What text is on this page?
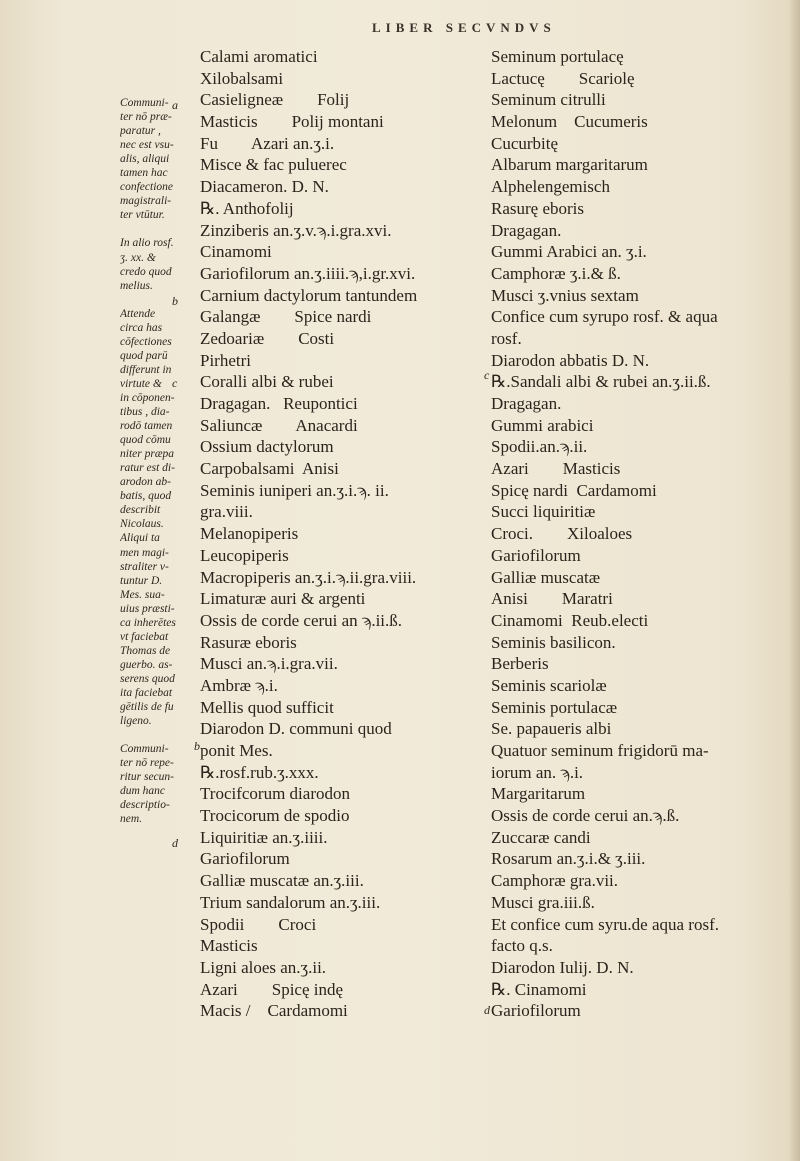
LIBER SECVNDVS
Calami aromatici
Xilobalsami
Casieligneæ        Folij
Masticis        Polij montani
Fu        Azari an.ʒ.i.
Misce & fac puluerec
Diacameron. D. N.
℞. Anthofolij
Zinziberis an.ʒ.v.ϡ.i.gra.xvi.
Cinamomi
Gariofilorum an.ʒ.iiii.ϡ,i.gr.xvi.
Carnium dactylorum tantundem
Galangæ        Spice nardi
Zedoariæ        Costi
Pirhetri
Coralli albi & rubei
Dragagan.   Reupontici
Saliuncæ        Anacardi
Ossium dactylorum
Carpobalsami  Anisi
Seminis iuniperi an.ʒ.i.ϡ. ii.
gra.viii.
Melanopiperis
Leucopiperis
Macropiperis an.ʒ.i.ϡ.ii.gra.viii.
Limaturæ auri & argenti
Ossis de corde cerui an ϡ.ii.ß.
Rasuræ eboris
Musci an.ϡ.i.gra.vii.
Ambræ ϡ.i.
Mellis quod sufficit
Diarodon D. communi quod
ponit Mes.
℞.rosf.rub.ʒ.xxx.
Trocifcorum diarodon
Trocicorum de spodio
Liquiritiæ an.ʒ.iiii.
Gariofilorum
Galliæ muscatæ an.ʒ.iii.
Trium sandalorum an.ʒ.iii.
Spodii        Croci
Masticis
Ligni aloes an.ʒ.ii.
Azari        Spicę indę
Macis /    Cardamomi
Seminum portulacę
Lactucę        Scariolę
Seminum citrulli
Melonum    Cucumeris
Cucurbitę
Albarum margaritarum
Alphelengemisch
Rasurę eboris
Dragagan.
Gummi Arabici an. ʒ.i.
Camphoræ ʒ.i.& ß.
Musci ʒ.vnius sextam
Confice cum syrupo rosf. & aqua
rosf.
Diarodon abbatis D. N.
℞.Sandali albi & rubei an.ʒ.ii.ß.
Dragagan.
Gummi arabici
Spodii.an.ϡ.ii.
Azari        Masticis
Spicę nardi  Cardamomi
Succi liquiritiæ
Croci.        Xiloaloes
Gariofilorum
Galliæ muscatæ
Anisi        Maratri
Cinamomi  Reub.electi
Seminis basilicon.
Berberis
Seminis scariolæ
Seminis portulacæ
Se. papaueris albi
Quatuor seminum frigidorū ma-
iorum an. ϡ.i.
Margaritarum
Ossis de corde cerui an.ϡ.ß.
Zuccaræ candi
Rosarum an.ʒ.i.& ʒ.iii.
Camphoræ gra.vii.
Musci gra.iii.ß.
Et confice cum syru.de aqua rosf.
facto q.s.
Diarodon Iulij. D. N.
℞. Cinamomi
Gariofilorum
Communi-
ter nō præ-
paratur ,
nec est vsu-
alis, aliqui
tamen hac
confectione
magistrali-
ter vtūtur.
In alio rosf.
ʒ. xx. &
credo quod
melius.
Attende
circa has
cōfectiones
quod parū
differunt in
virtute &
in cōponen-
tibus , dia-
rodō tamen
quod cōmu
niter præpa
ratur est di-
arodon ab-
batis, quod
describit
Nicolaus.
Aliqui ta
men magi-
straliter v-
tuntur D.
Mes. sua-
uius præsti-
ca inherētes
vt faciebat
Thomas de
guerbo. as-
serens quod
ita faciebat
gētilis de fu
ligeno.
Communi-
ter nō repe-
ritur secun-
dum hanc
descriptio-
nem.
a
b
c
d
b
c
d
